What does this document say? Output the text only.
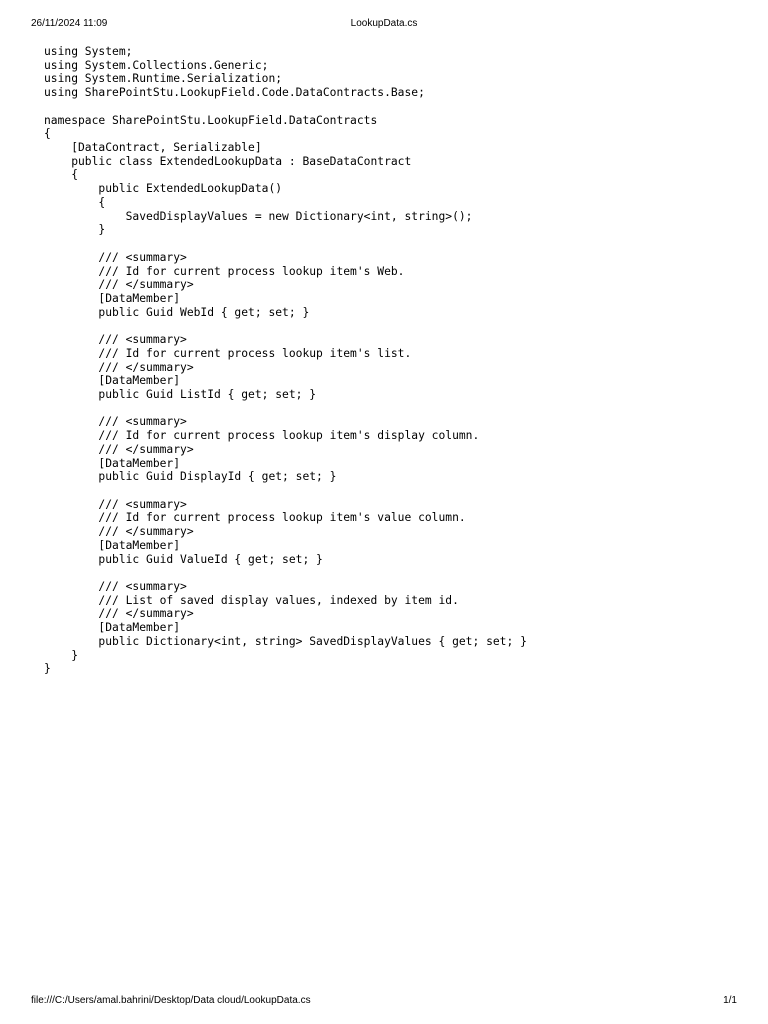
26/11/2024 11:09	LookupData.cs
using System;
using System.Collections.Generic;
using System.Runtime.Serialization;
using SharePointStu.LookupField.Code.DataContracts.Base;
namespace SharePointStu.LookupField.DataContracts
{
[DataContract, Serializable]
public class ExtendedLookupData : BaseDataContract
{
public ExtendedLookupData()
{
SavedDisplayValues = new Dictionary<int, string>();
}
/// <summary>
/// Id for current process lookup item's Web.
/// </summary>
[DataMember]
public Guid WebId { get; set; }
/// <summary>
/// Id for current process lookup item's list.
/// </summary>
[DataMember]
public Guid ListId { get; set; }
/// <summary>
/// Id for current process lookup item's display column.
/// </summary>
[DataMember]
public Guid DisplayId { get; set; }
/// <summary>
/// Id for current process lookup item's value column.
/// </summary>
[DataMember]
public Guid ValueId { get; set; }
/// <summary>
/// List of saved display values, indexed by item id.
/// </summary>
[DataMember]
public Dictionary<int, string> SavedDisplayValues { get; set; }
}
}
file:///C:/Users/amal.bahrini/Desktop/Data cloud/LookupData.cs	1/1
